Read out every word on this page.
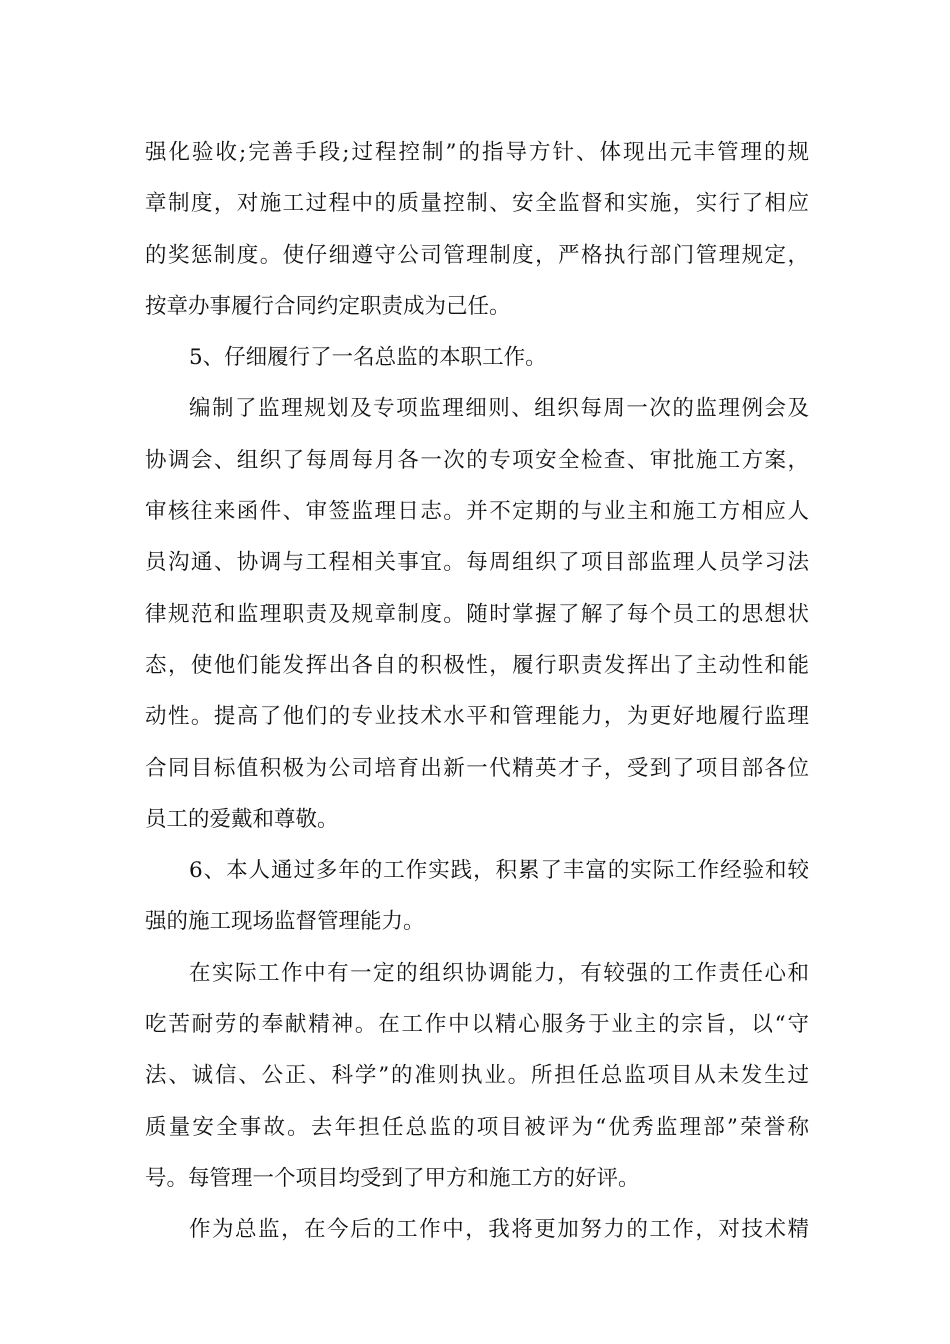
强化验收;完善手段;过程控制”的指导方针、体现出元丰管理的规
章制度，对施工过程中的质量控制、安全监督和实施，实行了相应
的奖惩制度。使仔细遵守公司管理制度，严格执行部门管理规定，
按章办事履行合同约定职责成为己任。
5、仔细履行了一名总监的本职工作。
编制了监理规划及专项监理细则、组织每周一次的监理例会及
协调会、组织了每周每月各一次的专项安全检查、审批施工方案，
审核往来函件、审签监理日志。并不定期的与业主和施工方相应人
员沟通、协调与工程相关事宜。每周组织了项目部监理人员学习法
律规范和监理职责及规章制度。随时掌握了解了每个员工的思想状
态，使他们能发挥出各自的积极性，履行职责发挥出了主动性和能
动性。提高了他们的专业技术水平和管理能力，为更好地履行监理
合同目标值积极为公司培育出新一代精英才子，受到了项目部各位
员工的爱戴和尊敬。
6、本人通过多年的工作实践，积累了丰富的实际工作经验和较
强的施工现场监督管理能力。
在实际工作中有一定的组织协调能力，有较强的工作责任心和
吃苦耐劳的奉献精神。在工作中以精心服务于业主的宗旨，以“守
法、诚信、公正、科学”的准则执业。所担任总监项目从未发生过
质量安全事故。去年担任总监的项目被评为“优秀监理部”荣誉称
号。每管理一个项目均受到了甲方和施工方的好评。
作为总监，在今后的工作中，我将更加努力的工作，对技术精
